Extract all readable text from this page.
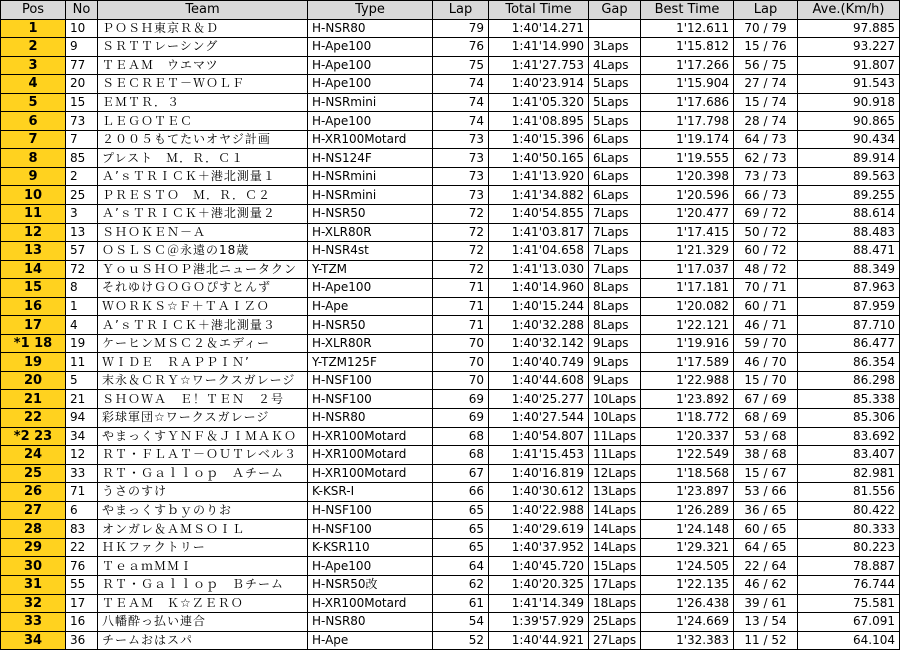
Pos	No	Team	Type	Lap	Total Time	Gap	Best Time	Lap	Ave.(Km/h)
1	10	ＰＯＳＨ東京Ｒ＆Ｄ	H-NSR80	79	1:40'14.271		1'12.611	70 / 79	97.885
2	9	ＳＲＴＴレーシング	H-Ape100	76	1:41'14.990	3Laps	1'15.812	15 / 76	93.227
3	77	ＴＥＡＭ　ウエマツ	H-Ape100	75	1:41'27.753	4Laps	1'17.266	56 / 75	91.807
4	20	ＳＥＣＲＥＴ－ＷＯＬＦ	H-Ape100	74	1:40'23.914	5Laps	1'15.904	27 / 74	91.543
5	15	ＥＭＴＲ．３	H-NSRmini	74	1:41'05.320	5Laps	1'17.686	15 / 74	90.918
6	73	ＬＥＧＯＴＥＣ	H-Ape100	74	1:41'08.895	5Laps	1'17.798	28 / 74	90.865
7	7	２００５もてたいオヤジ計画	H-XR100Motard	73	1:40'15.396	6Laps	1'19.174	64 / 73	90.434
8	85	プレスト　Ｍ．Ｒ．Ｃ１	H-NS124F	73	1:40'50.165	6Laps	1'19.555	62 / 73	89.914
9	2	Ａ’ｓＴＲＩＣＫ＋港北測量１	H-NSRmini	73	1:41'13.920	6Laps	1'20.398	73 / 73	89.563
10	25	ＰＲＥＳＴＯ　Ｍ．Ｒ．Ｃ２	H-NSRmini	73	1:41'34.882	6Laps	1'20.596	66 / 73	89.255
11	3	Ａ’ｓＴＲＩＣＫ＋港北測量２	H-NSR50	72	1:40'54.855	7Laps	1'20.477	69 / 72	88.614
12	13	ＳＨＯＫＥＮ－Ａ	H-XLR80R	72	1:41'03.817	7Laps	1'17.415	50 / 72	88.483
13	57	ＯＳＬＳＣ＠永遠の18歳	H-NSR4st	72	1:41'04.658	7Laps	1'21.329	60 / 72	88.471
14	72	ＹｏｕＳＨＯＰ港北ニュータクン	Y-TZM	72	1:41'13.030	7Laps	1'17.037	48 / 72	88.349
15	8	それゆけＧＯＧＯぴすとんず	H-Ape100	71	1:40'14.960	8Laps	1'17.181	70 / 71	87.963
16	1	ＷＯＲＫＳ☆Ｆ＋ＴＡＩＺＯ	H-Ape	71	1:40'15.244	8Laps	1'20.082	60 / 71	87.959
17	4	Ａ’ｓＴＲＩＣＫ＋港北測量３	H-NSR50	71	1:40'32.288	8Laps	1'22.121	46 / 71	87.710
*1 18	19	ケーヒンＭＳＣ２＆エディー	H-XLR80R	70	1:40'32.142	9Laps	1'19.916	59 / 70	86.477
19	11	ＷＩＤＥ　ＲＡＰＰＩＮ’	Y-TZM125F	70	1:40'40.749	9Laps	1'17.589	46 / 70	86.354
20	5	末永＆ＣＲＹ☆ワークスガレージ	H-NSF100	70	1:40'44.608	9Laps	1'22.988	15 / 70	86.298
21	21	ＳＨＯＷＡ　Ｅ！ＴＥＮ　２号	H-NSF100	69	1:40'25.277	10Laps	1'23.892	67 / 69	85.338
22	94	彩球軍団☆ワークスガレージ	H-NSR80	69	1:40'27.544	10Laps	1'18.772	68 / 69	85.306
*2 23	34	やまっくすＹＮＦ＆ＪＩＭＡＫＯ	H-XR100Motard	68	1:40'54.807	11Laps	1'20.337	53 / 68	83.692
24	12	ＲＴ・ＦＬＡＴ－ＯＵＴレベル３	H-XR100Motard	68	1:41'15.453	11Laps	1'22.549	38 / 68	83.407
25	33	ＲＴ・Ｇａｌｌｏｐ　Ａチーム	H-XR100Motard	67	1:40'16.819	12Laps	1'18.568	15 / 67	82.981
26	71	うさのすけ	K-KSR-Ⅰ	66	1:40'30.612	13Laps	1'23.897	53 / 66	81.556
27	6	やまっくすｂｙのりお	H-NSF100	65	1:40'22.988	14Laps	1'26.289	36 / 65	80.422
28	83	オンガレ＆ＡＭＳＯＩＬ	H-NSF100	65	1:40'29.619	14Laps	1'24.148	60 / 65	80.333
29	22	ＨＫファクトリー	K-KSR110	65	1:40'37.952	14Laps	1'29.321	64 / 65	80.223
30	76	ＴｅａｍＭＭＩ	H-Ape100	64	1:40'45.720	15Laps	1'24.505	22 / 64	78.887
31	55	ＲＴ・Ｇａｌｌｏｐ　Ｂチーム	H-NSR50改	62	1:40'20.325	17Laps	1'22.135	46 / 62	76.744
32	17	ＴＥＡＭ　Ｋ☆ＺＥＲＯ	H-XR100Motard	61	1:41'14.349	18Laps	1'26.438	39 / 61	75.581
33	16	八幡酔っ払い連合	H-NSR80	54	1:39'57.929	25Laps	1'24.669	13 / 54	67.091
34	36	チームおはスパ	H-Ape	52	1:40'44.921	27Laps	1'32.383	11 / 52	64.104
